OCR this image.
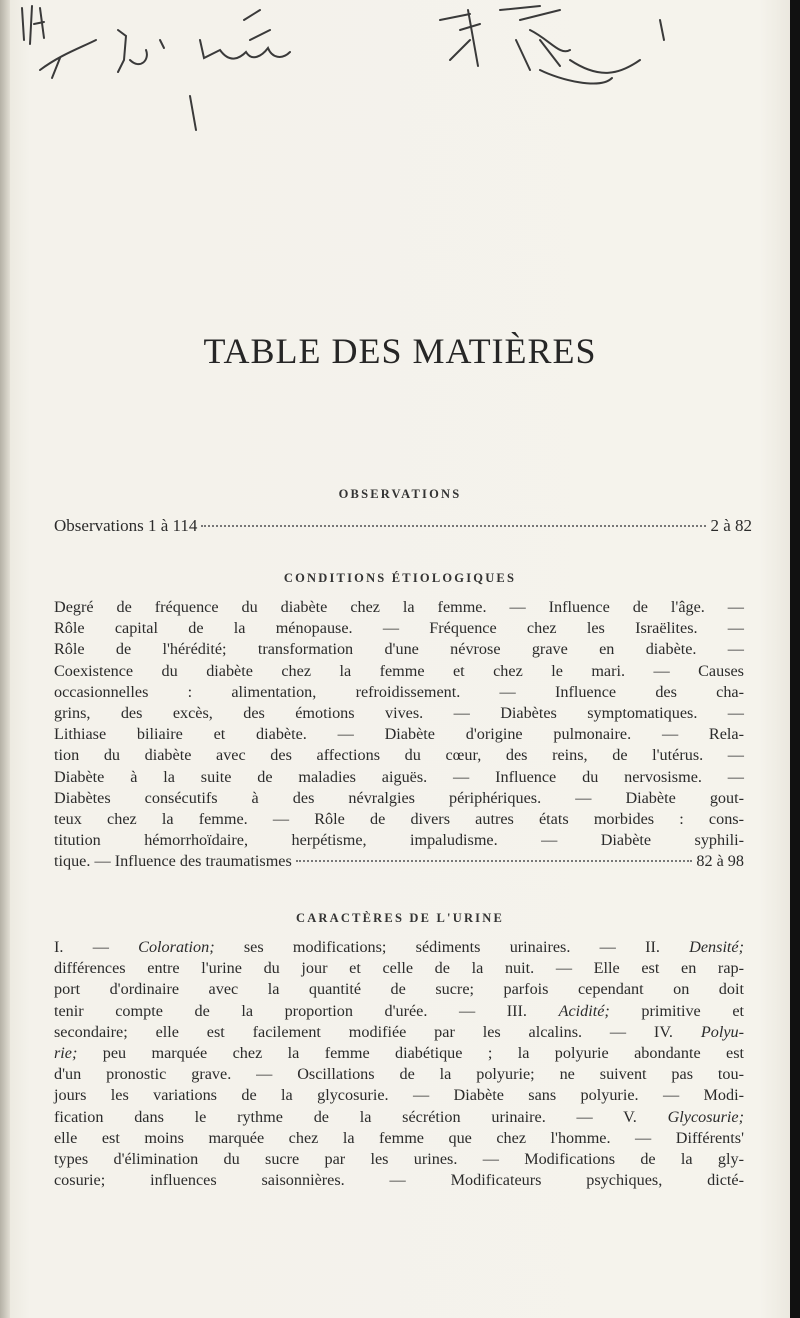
TABLE DES MATIÈRES
OBSERVATIONS
Observations 1 à 114	2 à 82
CONDITIONS ÉTIOLOGIQUES
Degré de fréquence du diabète chez la femme. — Influence de l'âge. —
Rôle capital de la ménopause. — Fréquence chez les Israëlites. —
Rôle de l'hérédité; transformation d'une névrose grave en diabète. —
Coexistence du diabète chez la femme et chez le mari. — Causes
occasionnelles : alimentation, refroidissement. — Influence des cha-
grins, des excès, des émotions vives. — Diabètes symptomatiques. —
Lithiase biliaire et diabète. — Diabète d'origine pulmonaire. — Rela-
tion du diabète avec des affections du cœur, des reins, de l'utérus. —
Diabète à la suite de maladies aiguës. — Influence du nervosisme. —
Diabètes consécutifs à des névralgies périphériques. — Diabète gout-
teux chez la femme. — Rôle de divers autres états morbides : cons-
titution hémorrhoïdaire, herpétisme, impaludisme. — Diabète syphili-
tique. — Influence des traumatismes	82 à 98
CARACTÈRES DE L'URINE
I. — Coloration; ses modifications; sédiments urinaires. — II. Densité;
différences entre l'urine du jour et celle de la nuit. — Elle est en rap-
port d'ordinaire avec la quantité de sucre; parfois cependant on doit
tenir compte de la proportion d'urée. — III. Acidité; primitive et
secondaire; elle est facilement modifiée par les alcalins. — IV. Polyu-
rie; peu marquée chez la femme diabétique ; la polyurie abondante est
d'un pronostic grave. — Oscillations de la polyurie; ne suivent pas tou-
jours les variations de la glycosurie. — Diabète sans polyurie. — Modi-
fication dans le rythme de la sécrétion urinaire. — V. Glycosurie;
elle est moins marquée chez la femme que chez l'homme. — Différents'
types d'élimination du sucre par les urines. — Modifications de la gly-
cosurie; influences saisonnières. — Modificateurs psychiques, dicté-
